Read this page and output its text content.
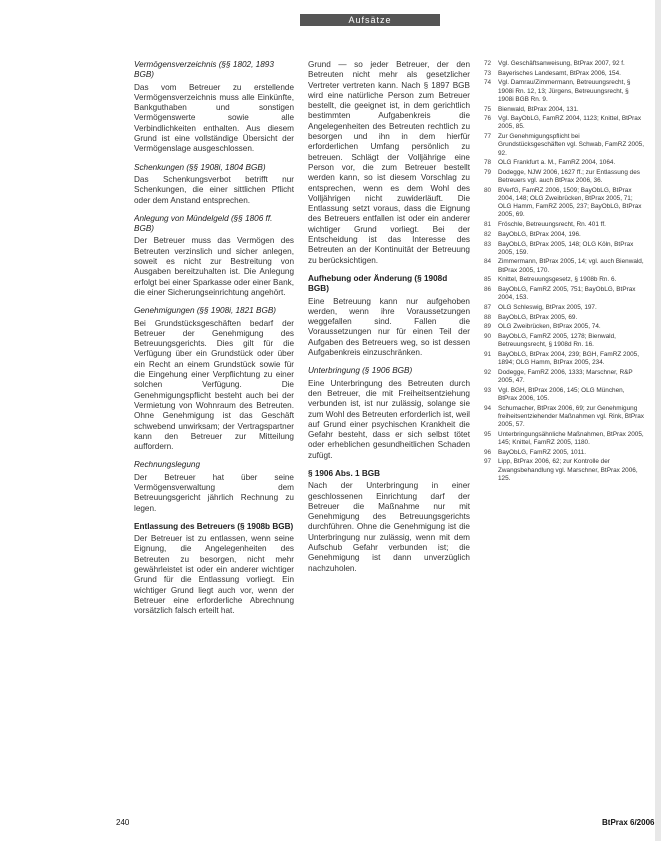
Aufsätze
Vermögensverzeichnis (§§ 1802, 1893 BGB)

Das vom Betreuer zu erstellende Vermögensverzeichnis muss alle Einkünfte, Bankguthaben und sonstigen Vermögenswerte sowie alle Verbindlichkeiten enthalten. Aus diesem Grund ist eine vollständige Übersicht der Vermögenslage ausgeschlossen.

Schenkungen (§§ 1908i, 1804 BGB)

Das Schenkungsverbot betrifft nur Schenkungen, die einer sittlichen Pflicht oder dem Anstand entsprechen.

Anlegung von Mündelgeld (§§ 1806 ff. BGB)

Der Betreuer muss das Vermögen des Betreuten verzinslich und sicher anlegen, soweit es nicht zur Bestreitung von Ausgaben bereitzuhalten ist. Die Anlegung erfolgt bei einer Sparkasse oder einer Bank, die einer Sicherungseinrichtung angehört.

Genehmigungen (§§ 1908i, 1821 BGB)

Bei Grundstücksgeschäften bedarf der Betreuer der Genehmigung des Betreuungsgerichts. Dies gilt für die Verfügung über ein Grundstück oder über ein Recht an einem Grundstück sowie für die Eingehung einer Verpflichtung zu einer solchen Verfügung. Die Genehmigungspflicht besteht auch bei der Vermietung von Wohnraum des Betreuten. Ohne Genehmigung ist das Geschäft schwebend unwirksam; der Vertragspartner kann den Betreuer zur Mitteilung auffordern.

Rechnungslegung

Der Betreuer hat über seine Vermögensverwaltung dem Betreuungsgericht jährlich Rechnung zu legen.

Entlassung des Betreuers (§ 1908b BGB)

Der Betreuer ist zu entlassen, wenn seine Eignung, die Angelegenheiten des Betreuten zu besorgen, nicht mehr gewährleistet ist oder ein anderer wichtiger Grund für die Entlassung vorliegt. Ein wichtiger Grund liegt auch vor, wenn der Betreuer eine erforderliche Abrechnung vorsätzlich falsch erteilt hat.

Grund — so jeder Betreuer, der den Betreuten nicht mehr als gesetzlicher Vertreter vertreten kann. Nach § 1897 BGB wird eine natürliche Person zum Betreuer bestellt, die geeignet ist, in dem gerichtlich bestimmten Aufgabenkreis die Angelegenheiten des Betreuten rechtlich zu besorgen und ihn in dem hierfür erforderlichen Umfang persönlich zu betreuen. Schlägt der Volljährige eine Person vor, die zum Betreuer bestellt werden kann, so ist diesem Vorschlag zu entsprechen, wenn es dem Wohl des Volljährigen nicht zuwiderläuft. Die Entlassung setzt voraus, dass die Eignung des Betreuers entfallen ist oder ein anderer wichtiger Grund vorliegt. Bei der Entscheidung ist das Interesse des Betreuten an der Kontinuität der Betreuung zu berücksichtigen.

Aufhebung oder Änderung (§ 1908d BGB)

Eine Betreuung kann nur aufgehoben werden, wenn ihre Voraussetzungen weggefallen sind. Fallen die Voraussetzungen nur für einen Teil der Aufgaben des Betreuers weg, so ist dessen Aufgabenkreis einzuschränken.

Unterbringung (§ 1906 BGB)

Eine Unterbringung des Betreuten durch den Betreuer, die mit Freiheitsentziehung verbunden ist, ist nur zulässig, solange sie zum Wohl des Betreuten erforderlich ist, weil auf Grund einer psychischen Krankheit die Gefahr besteht, dass er sich selbst tötet oder erheblichen gesundheitlichen Schaden zufügt.

§ 1906 Abs. 1 BGB

Nach der Unterbringung in einer geschlossenen Einrichtung darf der Betreuer die Maßnahme nur mit Genehmigung des Betreuungsgerichts durchführen. Ohne die Genehmigung ist die Unterbringung nur zulässig, wenn mit dem Aufschub Gefahr verbunden ist; die Genehmigung ist dann unverzüglich nachzuholen.

72	Vgl. Geschäftsanweisung, BtPrax 2007, 92 f.
73	Bayerisches Landesamt, BtPrax 2006, 154.
74	Vgl. Damrau/Zimmermann, Betreuungsrecht, § 1908i Rn. 12, 13; Jürgens, Betreuungsrecht, § 1908i BGB Rn. 9.
75	Bienwald, BtPrax 2004, 131.
76	Vgl. BayObLG, FamRZ 2004, 1123; Knittel, BtPrax 2005, 85.
77	Zur Genehmigungspflicht bei Grundstücksgeschäften vgl. Schwab, FamRZ 2005, 92.
78	OLG Frankfurt a. M., FamRZ 2004, 1064.
79	Dodegge, NJW 2006, 1627 ff.; zur Entlassung des Betreuers vgl. auch BtPrax 2006, 36.
80	BVerfG, FamRZ 2006, 1509; BayObLG, BtPrax 2004, 148; OLG Zweibrücken, BtPrax 2005, 71; OLG Hamm, FamRZ 2005, 237; BayObLG, BtPrax 2005, 69.
81	Fröschle, Betreuungsrecht, Rn. 401 ff.
82	BayObLG, BtPrax 2004, 196.
83	BayObLG, BtPrax 2005, 148; OLG Köln, BtPrax 2005, 159.
84	Zimmermann, BtPrax 2005, 14; vgl. auch Bienwald, BtPrax 2005, 170.
85	Knittel, Betreuungsgesetz, § 1908b Rn. 6.
86	BayObLG, FamRZ 2005, 751; BayObLG, BtPrax 2004, 153.
87	OLG Schleswig, BtPrax 2005, 197.
88	BayObLG, BtPrax 2005, 69.
89	OLG Zweibrücken, BtPrax 2005, 74.
90	BayObLG, FamRZ 2005, 1278; Bienwald, Betreuungsrecht, § 1908d Rn. 16.
91	BayObLG, BtPrax 2004, 239; BGH, FamRZ 2005, 1894; OLG Hamm, BtPrax 2005, 234.
92	Dodegge, FamRZ 2006, 1333; Marschner, R&P 2005, 47.
93	Vgl. BGH, BtPrax 2006, 145; OLG München, BtPrax 2006, 105.
94	Schumacher, BtPrax 2006, 69; zur Genehmigung freiheitsentziehender Maßnahmen vgl. Rink, BtPrax 2005, 57.
95	Unterbringungsähnliche Maßnahmen, BtPrax 2005, 145; Knittel, FamRZ 2005, 1180.
96	BayObLG, FamRZ 2005, 1011.
97	Lipp, BtPrax 2006, 62; zur Kontrolle der Zwangsbehandlung vgl. Marschner, BtPrax 2006, 125.
240	BtPrax 6/2006
